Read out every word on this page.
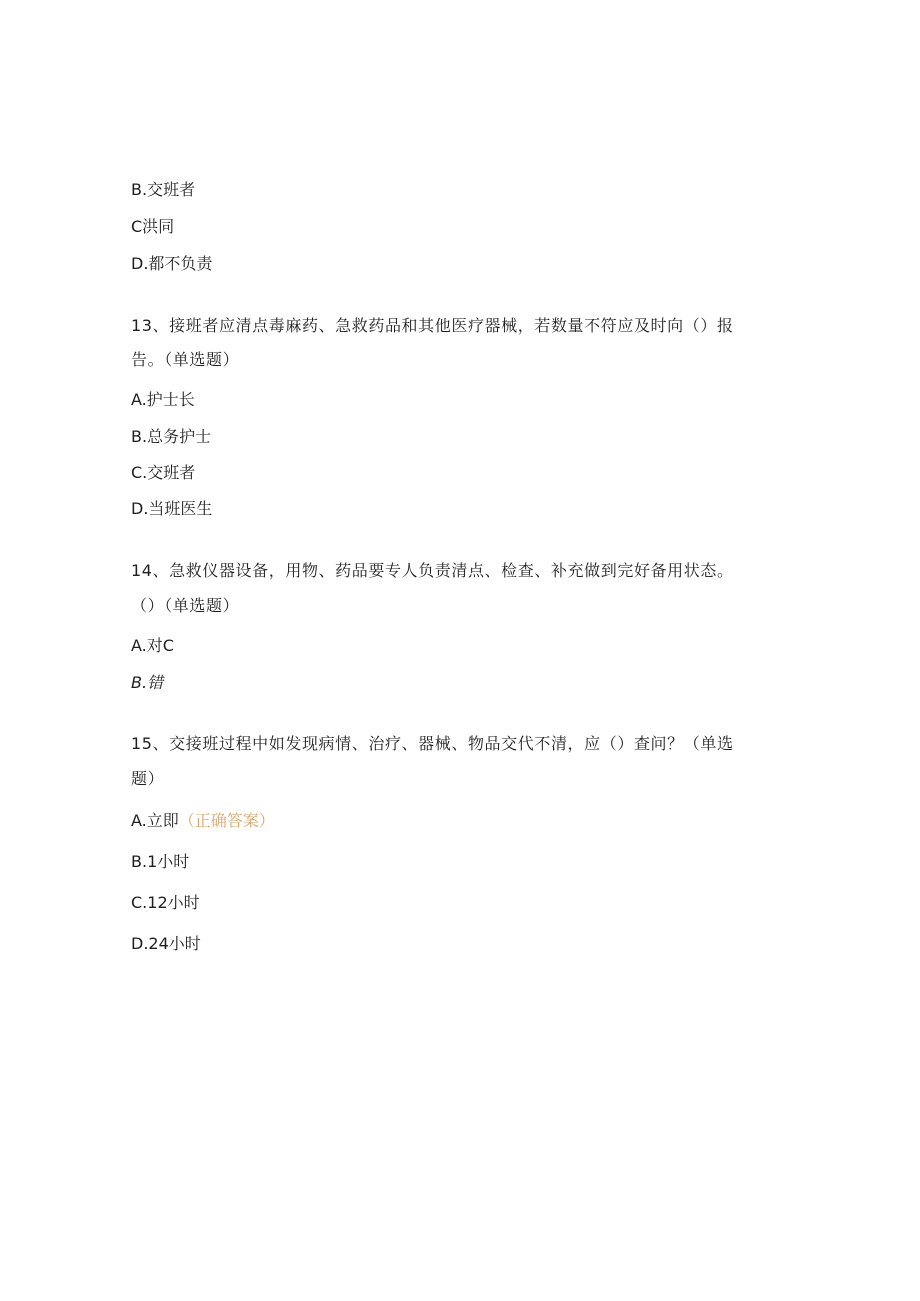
B.交班者
C洪同
D.都不负责
13、接班者应清点毒麻药、急救药品和其他医疗器械，若数量不符应及时向（）报
告。（单选题）
A.护士长
B.总务护士
C.交班者
D.当班医生
14、急救仪器设备，用物、药品要专人负责清点、检查、补充做到完好备用状态。
（）（单选题）
A.对C
B.错
15、交接班过程中如发现病情、治疗、器械、物品交代不清，应（）查问？（单选
题）
A.立即（正确答案）
B.1小时
C.12小时
D.24小时
